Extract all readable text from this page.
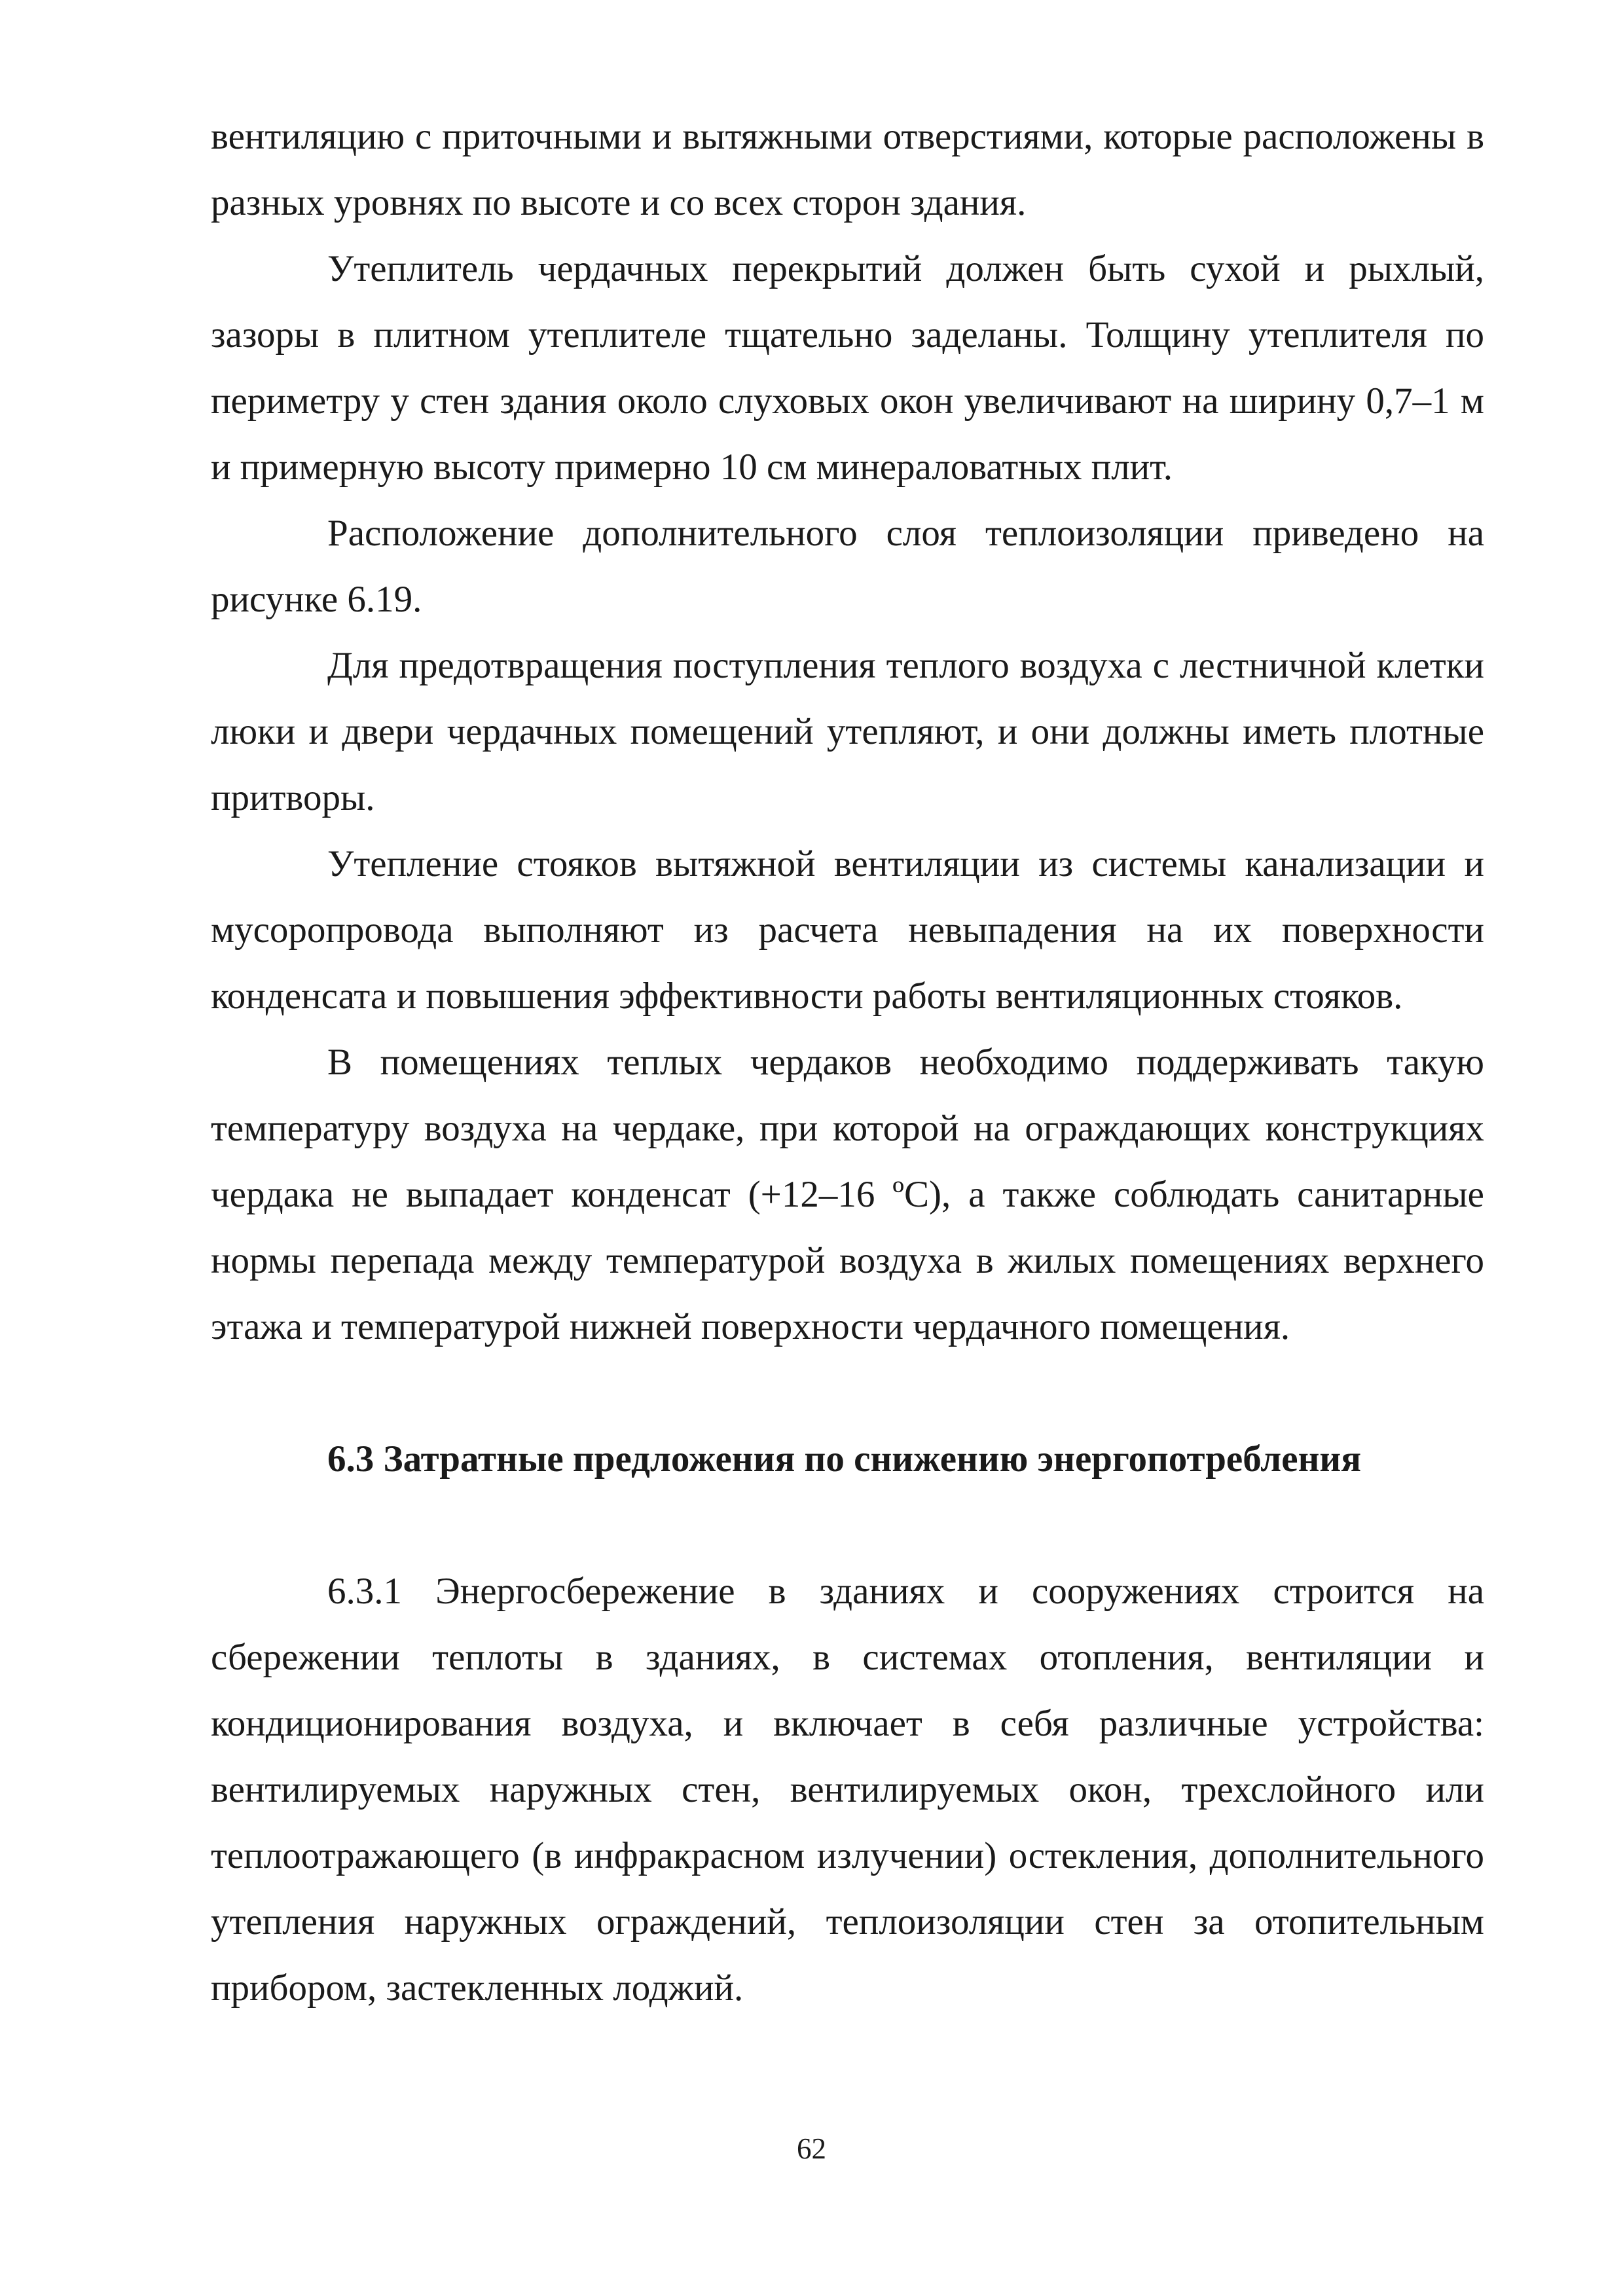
вентиляцию с приточными и вытяжными отверстиями, которые расположены в разных уровнях по высоте и со всех сторон здания.

Утеплитель чердачных перекрытий должен быть сухой и рыхлый, зазоры в плитном утеплителе тщательно заделаны. Толщину утеплителя по периметру у стен здания около слуховых окон увеличивают на ширину 0,7–1 м и примерную высоту примерно 10 см минераловатных плит.

Расположение дополнительного слоя теплоизоляции приведено на рисунке 6.19.

Для предотвращения поступления теплого воздуха с лестничной клетки люки и двери чердачных помещений утепляют, и они должны иметь плотные притворы.

Утепление стояков вытяжной вентиляции из системы канализации и мусоропровода выполняют из расчета невыпадения на их поверхности конденсата и повышения эффективности работы вентиляционных стояков.

В помещениях теплых чердаков необходимо поддерживать такую температуру воздуха на чердаке, при которой на ограждающих конструкциях чердака не выпадает конденсат (+12–16 ºС), а также соблюдать санитарные нормы перепада между температурой воздуха в жилых помещениях верхнего этажа и температурой нижней поверхности чердачного помещения.

6.3 Затратные предложения по снижению энергопотребления

6.3.1 Энергосбережение в зданиях и сооружениях строится на сбережении теплоты в зданиях, в системах отопления, вентиляции и кондиционирования воздуха, и включает в себя различные устройства: вентилируемых наружных стен, вентилируемых окон, трехслойного или теплоотражающего (в инфракрасном излучении) остекления, дополнительного утепления наружных ограждений, теплоизоляции стен за отопительным прибором, застекленных лоджий.

62
